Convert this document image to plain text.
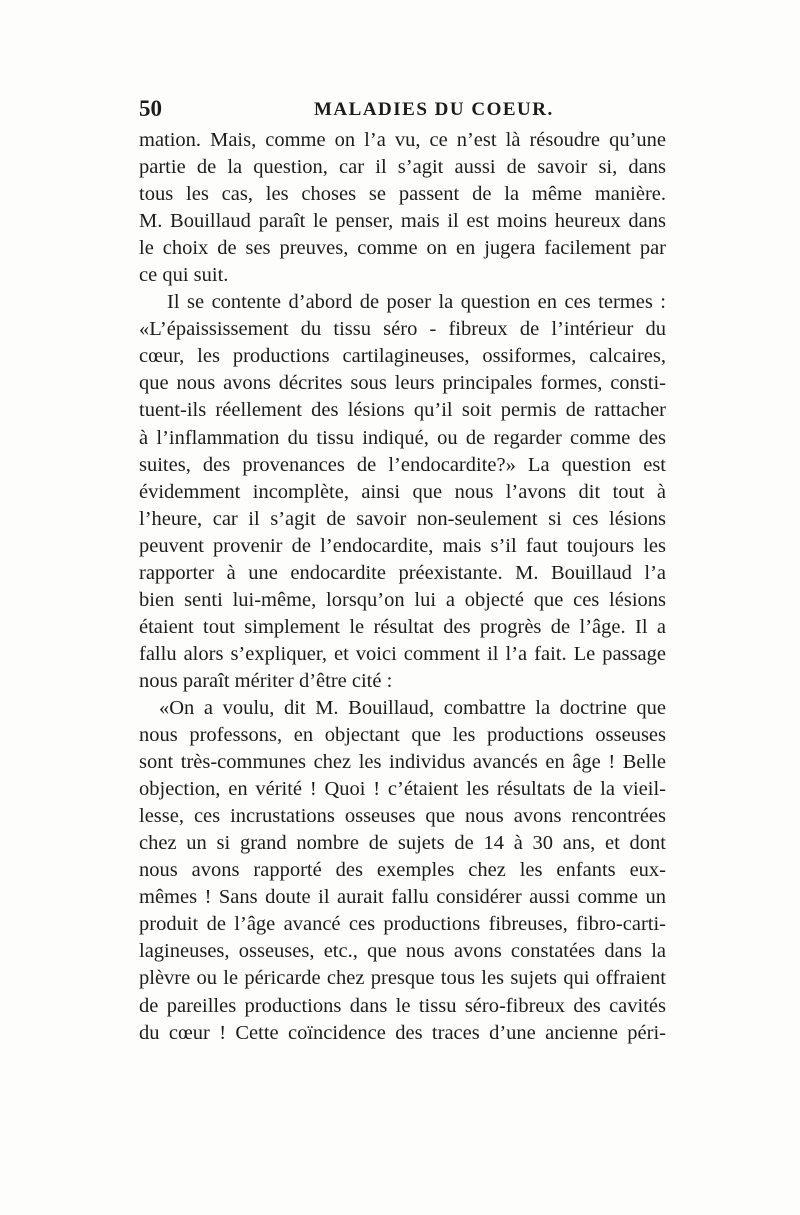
50	MALADIES DU COEUR.
mation. Mais, comme on l’a vu, ce n’est là résoudre qu’une
partie de la question, car il s’agit aussi de savoir si, dans
tous les cas, les choses se passent de la même manière.
M. Bouillaud paraît le penser, mais il est moins heureux dans
le choix de ses preuves, comme on en jugera facilement par
ce qui suit.
Il se contente d’abord de poser la question en ces termes :
«L’épaississement du tissu séro - fibreux de l’intérieur du
cœur, les productions cartilagineuses, ossiformes, calcaires,
que nous avons décrites sous leurs principales formes, consti-
tuent-ils réellement des lésions qu’il soit permis de rattacher
à l’inflammation du tissu indiqué, ou de regarder comme des
suites, des provenances de l’endocardite?» La question est
évidemment incomplète, ainsi que nous l’avons dit tout à
l’heure, car il s’agit de savoir non-seulement si ces lésions
peuvent provenir de l’endocardite, mais s’il faut toujours les
rapporter à une endocardite préexistante. M. Bouillaud l’a
bien senti lui-même, lorsqu’on lui a objecté que ces lésions
étaient tout simplement le résultat des progrès de l’âge. Il a
fallu alors s’expliquer, et voici comment il l’a fait. Le passage
nous paraît mériter d’être cité :
«On a voulu, dit M. Bouillaud, combattre la doctrine que
nous professons, en objectant que les productions osseuses
sont très-communes chez les individus avancés en âge ! Belle
objection, en vérité ! Quoi ! c’étaient les résultats de la vieil-
lesse, ces incrustations osseuses que nous avons rencontrées
chez un si grand nombre de sujets de 14 à 30 ans, et dont
nous avons rapporté des exemples chez les enfants eux-
mêmes ! Sans doute il aurait fallu considérer aussi comme un
produit de l’âge avancé ces productions fibreuses, fibro-carti-
lagineuses, osseuses, etc., que nous avons constatées dans la
plèvre ou le péricarde chez presque tous les sujets qui offraient
de pareilles productions dans le tissu séro-fibreux des cavités
du cœur ! Cette coïncidence des traces d’une ancienne péri-
